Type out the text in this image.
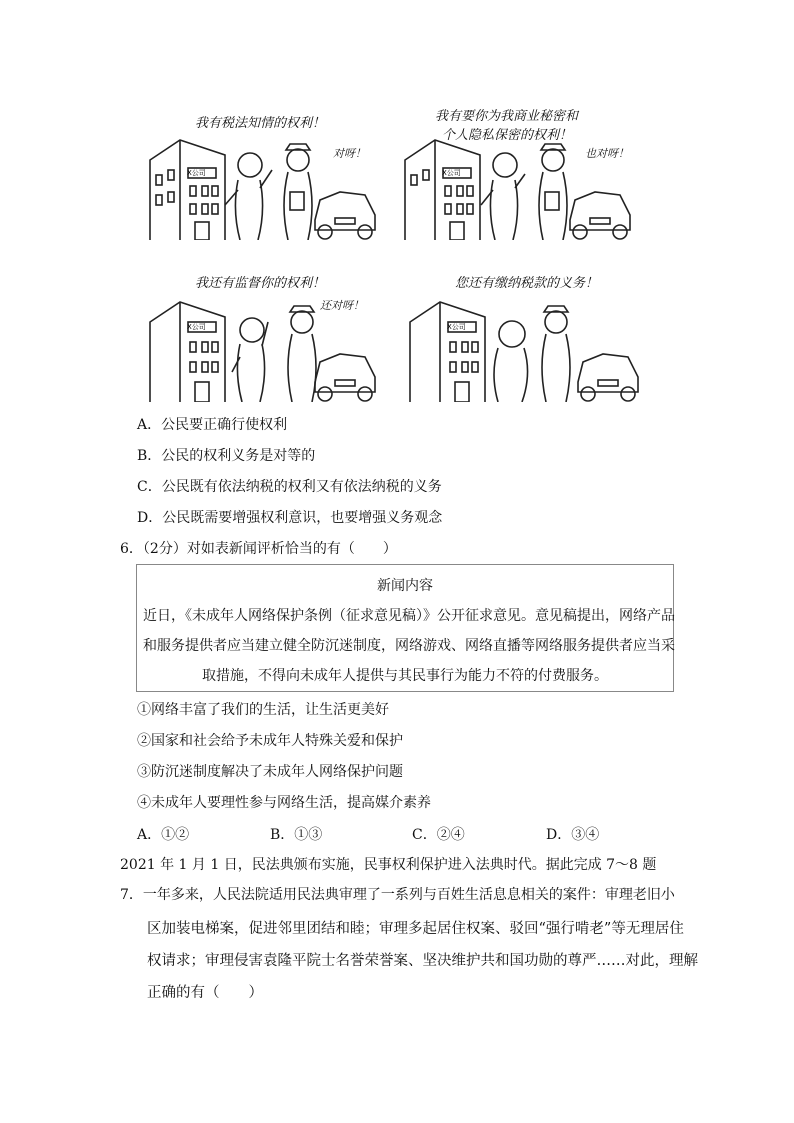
X公司
我有税法知情的权利！
对呀！
X公司
我有要你为我商业秘密和
个人隐私保密的权利！
也对呀！
X公司
我还有监督你的权利！
还对呀！
X公司
您还有缴纳税款的义务！
A．公民要正确行使权利
B．公民的权利义务是对等的
C．公民既有依法纳税的权利又有依法纳税的义务
D．公民既需要增强权利意识，也要增强义务观念
6．（2分）对如表新闻评析恰当的有（　　）
新闻内容
近日，《未成年人网络保护条例（征求意见稿）》公开征求意见。意见稿提出，网络产品
和服务提供者应当建立健全防沉迷制度，网络游戏、网络直播等网络服务提供者应当采
取措施，不得向未成年人提供与其民事行为能力不符的付费服务。
①网络丰富了我们的生活，让生活更美好
②国家和社会给予未成年人特殊关爱和保护
③防沉迷制度解决了未成年人网络保护问题
④未成年人要理性参与网络生活，提高媒介素养
A．①②	B．①③	C．②④	D．③④
2021 年 1 月 1 日，民法典颁布实施，民事权利保护进入法典时代。据此完成 7～8 题
7．一年多来，人民法院适用民法典审理了一系列与百姓生活息息相关的案件：审理老旧小
区加装电梯案，促进邻里团结和睦；审理多起居住权案、驳回“强行啃老”等无理居住
权请求；审理侵害袁隆平院士名誉荣誉案、坚决维护共和国功勋的尊严……对此，理解
正确的有（　　）
